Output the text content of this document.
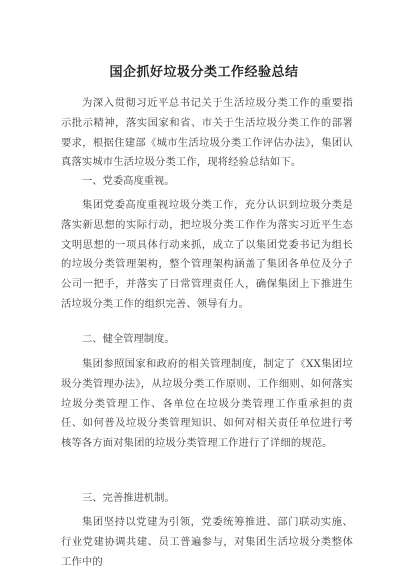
国企抓好垃圾分类工作经验总结
为深入贯彻习近平总书记关于生活垃圾分类工作的重要指示批示精神，落实国家和省、市关于生活垃圾分类工作的部署要求，根据住建部《城市生活垃圾分类工作评估办法》，集团认真落实城市生活垃圾分类工作，现将经验总结如下。
一、党委高度重视。
集团党委高度重视垃圾分类工作，充分认识到垃圾分类是落实新思想的实际行动，把垃圾分类工作作为落实习近平生态文明思想的一项具体行动来抓，成立了以集团党委书记为组长的垃圾分类管理架构，整个管理架构涵盖了集团各单位及分子公司一把手，并落实了日常管理责任人，确保集团上下推进生活垃圾分类工作的组织完善、领导有力。
二、健全管理制度。
集团参照国家和政府的相关管理制度，制定了《XX集团垃圾分类管理办法》，从垃圾分类工作原则、工作细则、如何落实垃圾分类管理工作、各单位在垃圾分类管理工作重承担的责任、如何普及垃圾分类管理知识、如何对相关责任单位进行考核等各方面对集团的垃圾分类管理工作进行了详细的规范。
三、完善推进机制。
集团坚持以党建为引领，党委统筹推进、部门联动实施、行业党建协调共建、员工普遍参与，对集团生活垃圾分类整体工作中的
